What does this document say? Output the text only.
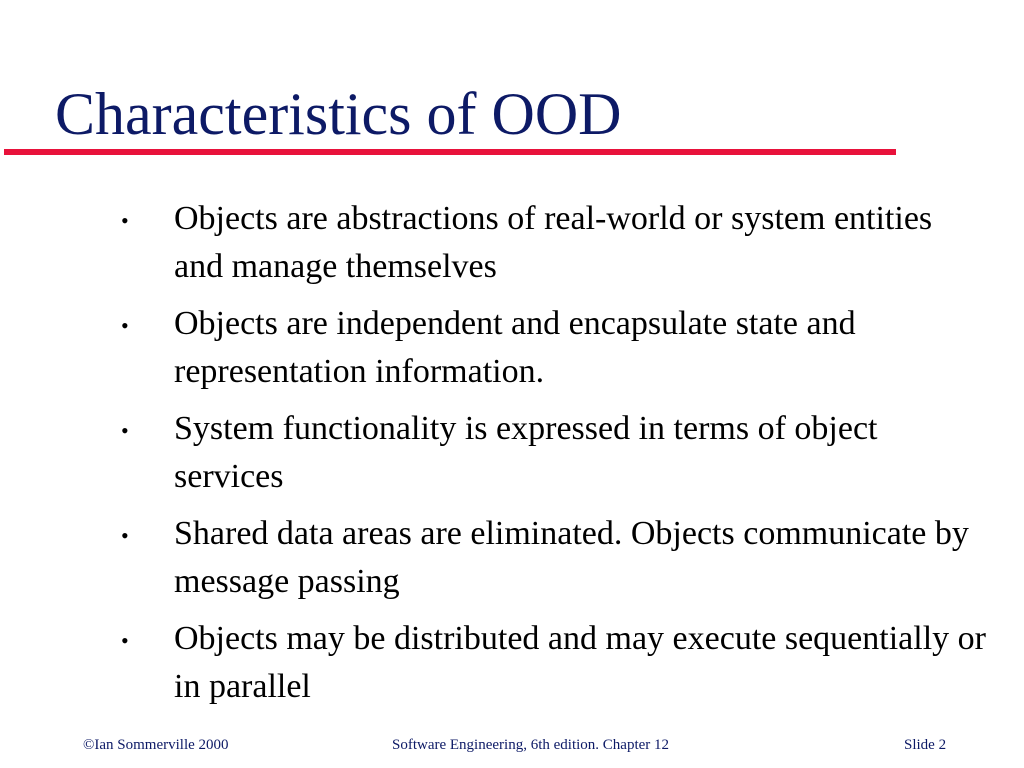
Characteristics of OOD
• Objects are abstractions of real-world or system entities and manage themselves
• Objects are independent and encapsulate state and representation information.
• System functionality is expressed in terms of object services
• Shared data areas are eliminated. Objects communicate by message passing
• Objects may be distributed and may execute sequentially or in parallel
©Ian Sommerville 2000	Software Engineering, 6th edition. Chapter 12	Slide 2
